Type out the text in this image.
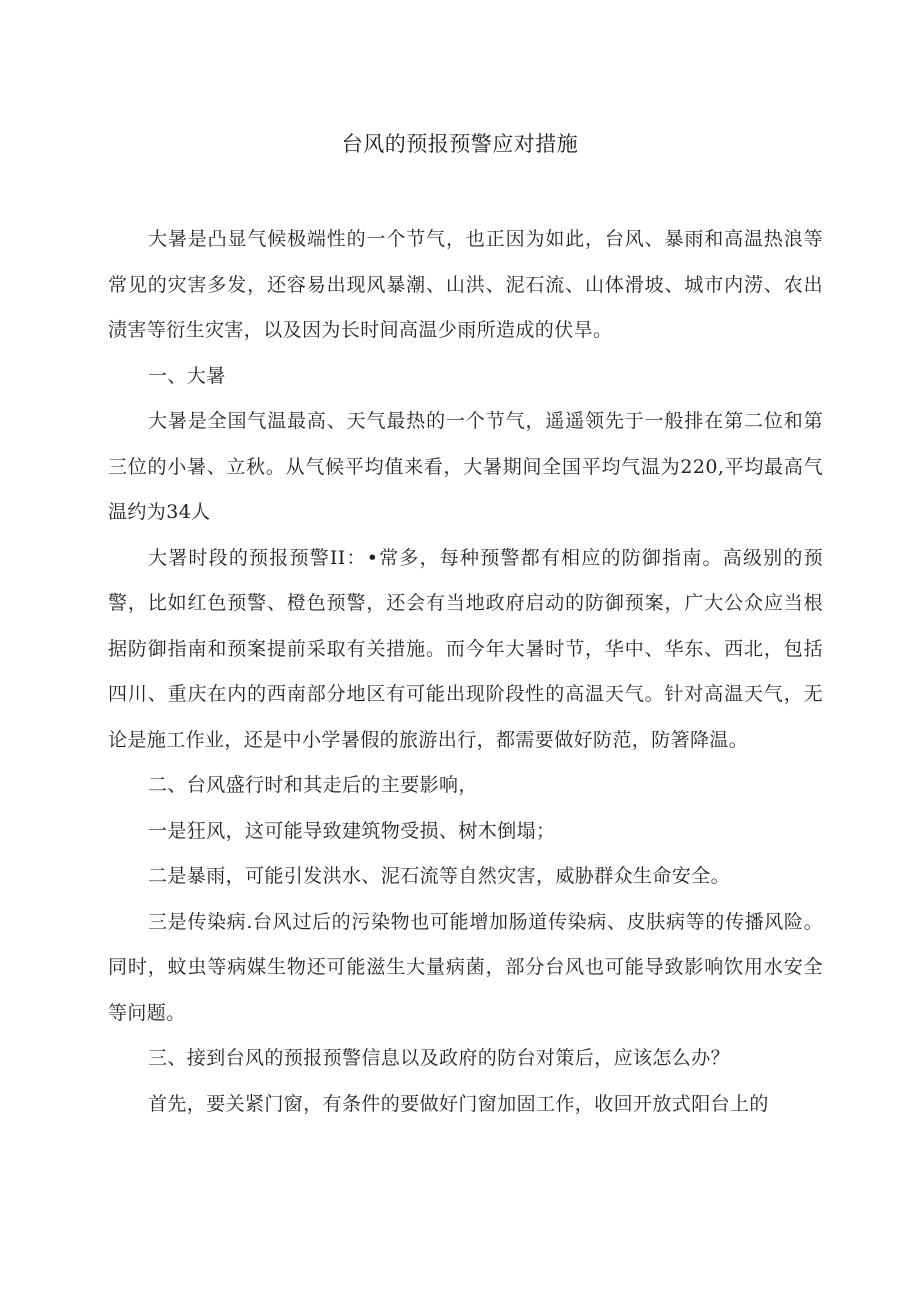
台风的预报预警应对措施

大暑是凸显气候极端性的一个节气，也正因为如此，台风、暴雨和高温热浪等常见的灾害多发，还容易出现风暴潮、山洪、泥石流、山体滑坡、城市内涝、农出渍害等衍生灾害，以及因为长时间高温少雨所造成的伏旱。

一、大暑

大暑是全国气温最高、天气最热的一个节气，遥遥领先于一般排在第二位和第三位的小暑、立秋。从气候平均值来看，大暑期间全国平均气温为220,平均最高气温约为34人

大署时段的预报预警II：•常多，每种预警都有相应的防御指南。高级别的预警，比如红色预警、橙色预警，还会有当地政府启动的防御预案，广大公众应当根据防御指南和预案提前采取有关措施。而今年大暑时节，华中、华东、西北，包括四川、重庆在内的西南部分地区有可能出现阶段性的高温天气。针对高温天气，无论是施工作业，还是中小学暑假的旅游出行，都需要做好防范，防箸降温。

二、台风盛行时和其走后的主要影响，

一是狂风，这可能导致建筑物受损、树木倒塌；

二是暴雨，可能引发洪水、泥石流等自然灾害，威胁群众生命安全。

三是传染病.台风过后的污染物也可能增加肠道传染病、皮肤病等的传播风险。同时，蚊虫等病媒生物还可能滋生大量病菌，部分台风也可能导致影响饮用水安全等问题。

三、接到台风的预报预警信息以及政府的防台对策后，应该怎么办？

首先，要关紧门窗，有条件的要做好门窗加固工作，收回开放式阳台上的
